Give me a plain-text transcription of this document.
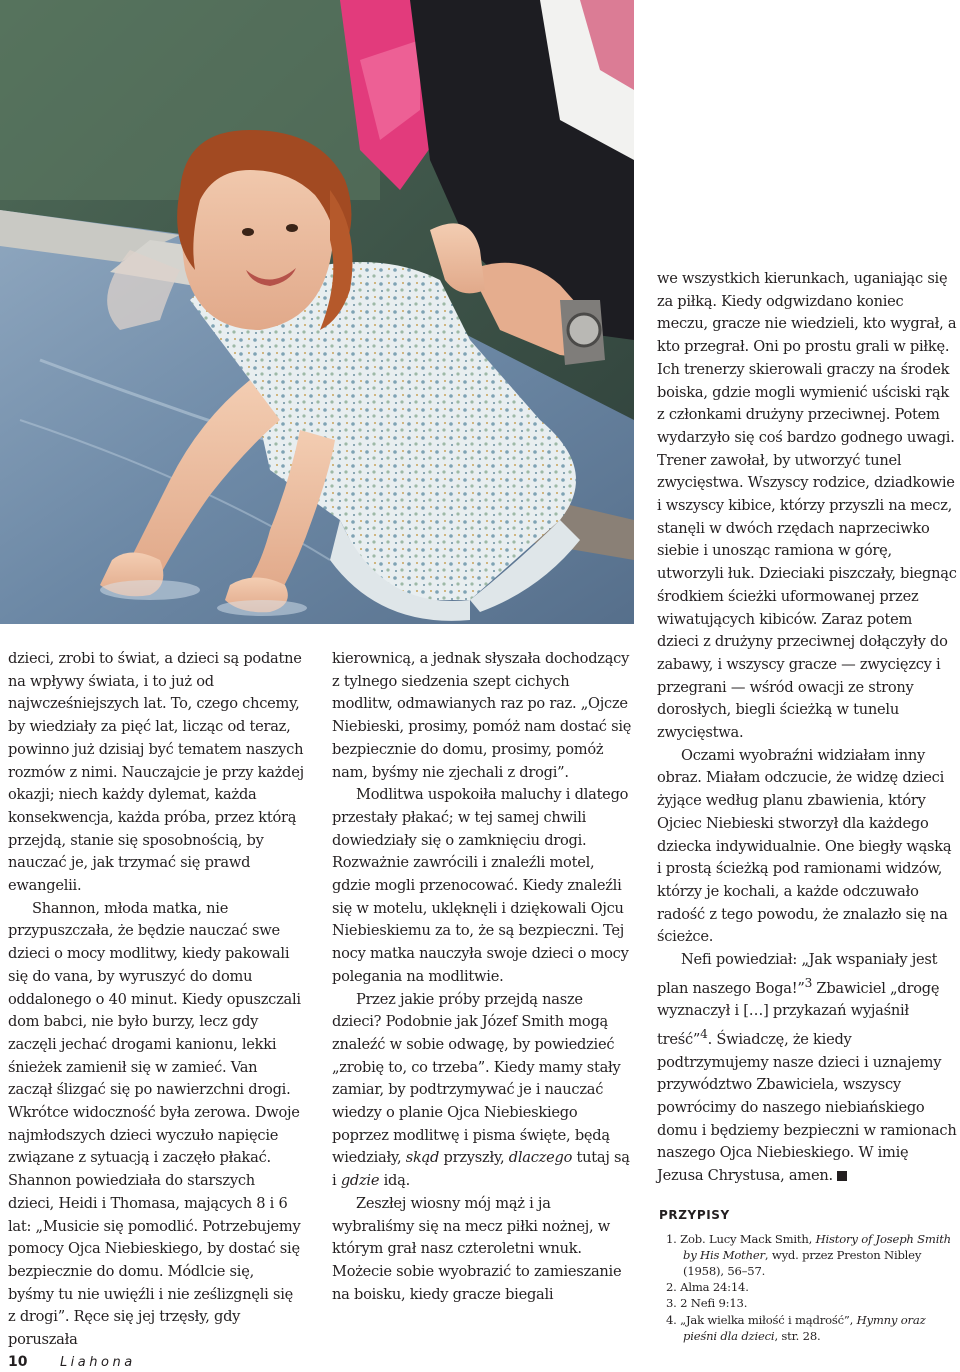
dzieci, zrobi to świat, a dzieci są podatne na wpływy świata, i to już od najwcześniejszych lat. To, czego chcemy, by wiedziały za pięć lat, licząc od teraz, powinno już dzisiaj być tematem naszych rozmów z nimi. Nauczajcie je przy każdej okazji; niech każdy dylemat, każda konsekwencja, każda próba, przez którą przejdą, stanie się sposobnością, by nauczać je, jak trzymać się prawd ewangelii.

Shannon, młoda matka, nie przypuszczała, że będzie nauczać swe dzieci o mocy modlitwy, kiedy pakowali się do vana, by wyruszyć do domu oddalonego o 40 minut. Kiedy opuszczali dom babci, nie było burzy, lecz gdy zaczęli jechać drogami kanionu, lekki śnieżek zamienił się w zamieć. Van zaczął ślizgać się po nawierzchni drogi. Wkrótce widoczność była zerowa. Dwoje najmłodszych dzieci wyczuło napięcie związane z sytuacją i zaczęło płakać. Shannon powiedziała do starszych dzieci, Heidi i Thomasa, mających 8 i 6 lat: „Musicie się pomodlić. Potrzebujemy pomocy Ojca Niebieskiego, by dostać się bezpiecznie do domu. Módlcie się, byśmy tu nie uwięźli i nie ześlizgnęli się z drogi”. Ręce się jej trzęsły, gdy poruszała

kierownicą, a jednak słyszała dochodzący z tylnego siedzenia szept cichych modlitw, odmawianych raz po raz. „Ojcze Niebieski, prosimy, pomóż nam dostać się bezpiecznie do domu, prosimy, pomóż nam, byśmy nie zjechali z drogi”.

Modlitwa uspokoiła maluchy i dlatego przestały płakać; w tej samej chwili dowiedziały się o zamknięciu drogi. Rozważnie zawrócili i znaleźli motel, gdzie mogli przenocować. Kiedy znaleźli się w motelu, uklęknęli i dziękowali Ojcu Niebieskiemu za to, że są bezpieczni. Tej nocy matka nauczyła swoje dzieci o mocy polegania na modlitwie.

Przez jakie próby przejdą nasze dzieci? Podobnie jak Józef Smith mogą znaleźć w sobie odwagę, by powiedzieć „zrobię to, co trzeba”. Kiedy mamy stały zamiar, by podtrzymywać je i nauczać wiedzy o planie Ojca Niebieskiego poprzez modlitwę i pisma święte, będą wiedziały, skąd przyszły, dlaczego tutaj są i gdzie idą.

Zeszłej wiosny mój mąż i ja wybraliśmy się na mecz piłki nożnej, w którym grał nasz czteroletni wnuk. Możecie sobie wyobrazić to zamieszanie na boisku, kiedy gracze biegali

we wszystkich kierunkach, uganiając się za piłką. Kiedy odgwizdano koniec meczu, gracze nie wiedzieli, kto wygrał, a kto przegrał. Oni po prostu grali w piłkę. Ich trenerzy skierowali graczy na środek boiska, gdzie mogli wymienić uściski rąk z członkami drużyny przeciwnej. Potem wydarzyło się coś bardzo godnego uwagi. Trener zawołał, by utworzyć tunel zwycięstwa. Wszyscy rodzice, dziadkowie i wszyscy kibice, którzy przyszli na mecz, stanęli w dwóch rzędach naprzeciwko siebie i unosząc ramiona w górę, utworzyli łuk. Dzieciaki piszczały, biegnąc środkiem ścieżki uformowanej przez wiwatujących kibiców. Zaraz potem dzieci z drużyny przeciwnej dołączyły do zabawy, i wszyscy gracze — zwycięzcy i przegrani — wśród owacji ze strony dorosłych, biegli ścieżką w tunelu zwycięstwa.

Oczami wyobraźni widziałam inny obraz. Miałam odczucie, że widzę dzieci żyjące według planu zbawienia, który Ojciec Niebieski stworzył dla każdego dziecka indywidualnie. One biegły wąską i prostą ścieżką pod ramionami widzów, którzy je kochali, a każde odczuwało radość z tego powodu, że znalazło się na ścieżce.

Nefi powiedział: „Jak wspaniały jest plan naszego Boga!”$^3$ Zbawiciel „drogę wyznaczył i […] przykazań wyjaśnił treść”$^4$. Świadczę, że kiedy podtrzymujemy nasze dzieci i uznajemy przywództwo Zbawiciela, wszyscy powrócimy do naszego niebiańskiego domu i będziemy bezpieczni w ramionach naszego Ojca Niebieskiego. W imię Jezusa Chrystusa, amen.

PRZYPISY
1. Zob. Lucy Mack Smith, History of Joseph Smith by His Mother, wyd. przez Preston Nibley (1958), 56–57.
2. Alma 24:14.
3. 2 Nefi 9:13.
4. „Jak wielka miłość i mądrość”, Hymny oraz pieśni dla dzieci, str. 28.
10 Liahona
